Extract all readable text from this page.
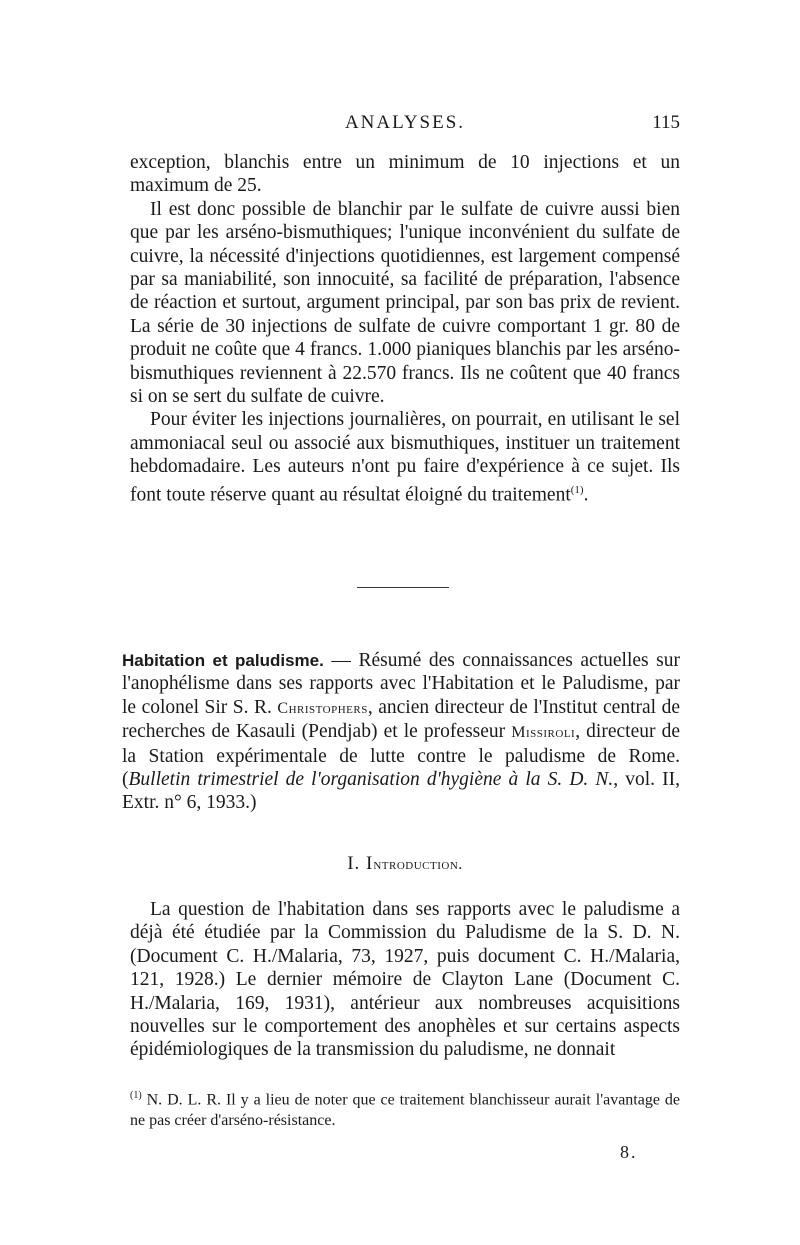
ANALYSES.	115

exception, blanchis entre un minimum de 10 injections et un maximum de 25.

Il est donc possible de blanchir par le sulfate de cuivre aussi bien que par les arséno-bismuthiques; l'unique inconvénient du sulfate de cuivre, la nécessité d'injections quotidiennes, est largement compensé par sa maniabilité, son innocuité, sa facilité de préparation, l'absence de réaction et surtout, argument principal, par son bas prix de revient. La série de 30 injections de sulfate de cuivre comportant 1 gr. 80 de produit ne coûte que 4 francs. 1.000 pianiques blanchis par les arséno-bismuthiques reviennent à 22.570 francs. Ils ne coûtent que 40 francs si on se sert du sulfate de cuivre.

Pour éviter les injections journalières, on pourrait, en utilisant le sel ammoniacal seul ou associé aux bismuthiques, instituer un traitement hebdomadaire. Les auteurs n'ont pu faire d'expérience à ce sujet. Ils font toute réserve quant au résultat éloigné du traitement$^{(1)}$.

Habitation et paludisme. — Résumé des connaissances actuelles sur l'anophélisme dans ses rapports avec l'Habitation et le Paludisme, par le colonel Sir S. R. Christophers, ancien directeur de l'Institut central de recherches de Kasauli (Pendjab) et le professeur Missiroli, directeur de la Station expérimentale de lutte contre le paludisme de Rome. (Bulletin trimestriel de l'organisation d'hygiène à la S. D. N., vol. II, Extr. n° 6, 1933.)

I. Introduction.

La question de l'habitation dans ses rapports avec le paludisme a déjà été étudiée par la Commission du Paludisme de la S. D. N. (Document C. H./Malaria, 73, 1927, puis document C. H./Malaria, 121, 1928.) Le dernier mémoire de Clayton Lane (Document C. H./Malaria, 169, 1931), antérieur aux nombreuses acquisitions nouvelles sur le comportement des anophèles et sur certains aspects épidémiologiques de la transmission du paludisme, ne donnait

$^{(1)}$ N. D. L. R. Il y a lieu de noter que ce traitement blanchisseur aurait l'avantage de ne pas créer d'arséno-résistance.
8.
